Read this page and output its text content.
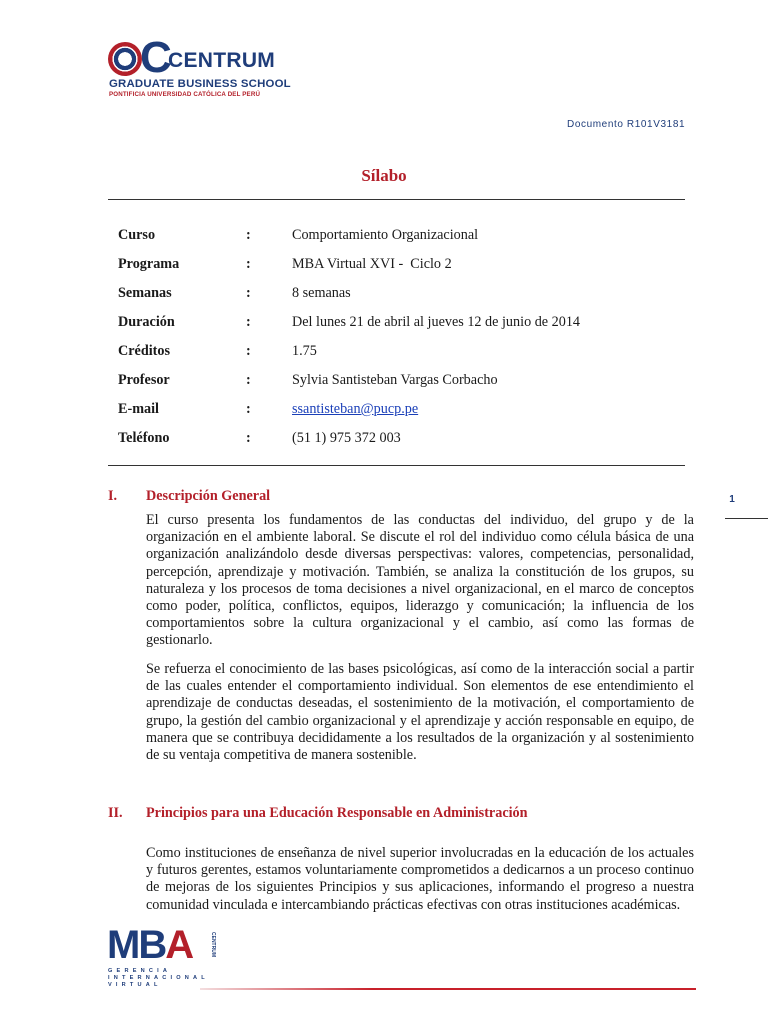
C
CENTRUM
GRADUATE BUSINESS SCHOOL
PONTIFICIA UNIVERSIDAD CATÓLICA DEL PERÚ
Documento R101V3181
Sílabo
Curso	:	Comportamiento Organizacional
Programa	:	MBA Virtual XVI -  Ciclo 2
Semanas	:	8 semanas
Duración	:	Del lunes 21 de abril al jueves 12 de junio de 2014
Créditos	:	1.75
Profesor	:	Sylvia Santisteban Vargas Corbacho
E-mail	:	ssantisteban@pucp.pe
Teléfono	:	(51 1) 975 372 003
I. Descripción General

El curso presenta los fundamentos de las conductas del individuo, del grupo y de la organización en el ambiente laboral. Se discute el rol del individuo como célula básica de una organización analizándolo desde diversas perspectivas: valores, competencias, personalidad, percepción, aprendizaje y motivación. También, se analiza la constitución de los grupos, su naturaleza y los procesos de toma decisiones a nivel organizacional, en el marco de conceptos como poder, política, conflictos, equipos, liderazgo y comunicación; la influencia de los comportamientos sobre la cultura organizacional y el cambio, así como las formas de gestionarlo.

Se refuerza el conocimiento de las bases psicológicas, así como de la interacción social a partir de las cuales entender el comportamiento individual. Son elementos de ese entendimiento el aprendizaje de conductas deseadas, el sostenimiento de la motivación, el comportamiento de grupo, la gestión del cambio organizacional y el aprendizaje y acción responsable en equipo, de manera que se contribuya decididamente a los resultados de la organización y al sostenimiento de su ventaja competitiva de manera sostenible.

II. Principios para una Educación Responsable en Administración

Como instituciones de enseñanza de nivel superior involucradas en la educación de los actuales y futuros gerentes, estamos voluntariamente comprometidos a dedicarnos a un proceso continuo de mejoras de los siguientes Principios y sus aplicaciones, informando el progreso a nuestra comunidad vinculada e intercambiando prácticas efectivas con otras instituciones académicas.

1
MBA
GERENCIA
INTERNACIONAL
VIRTUAL
CENTRUM
